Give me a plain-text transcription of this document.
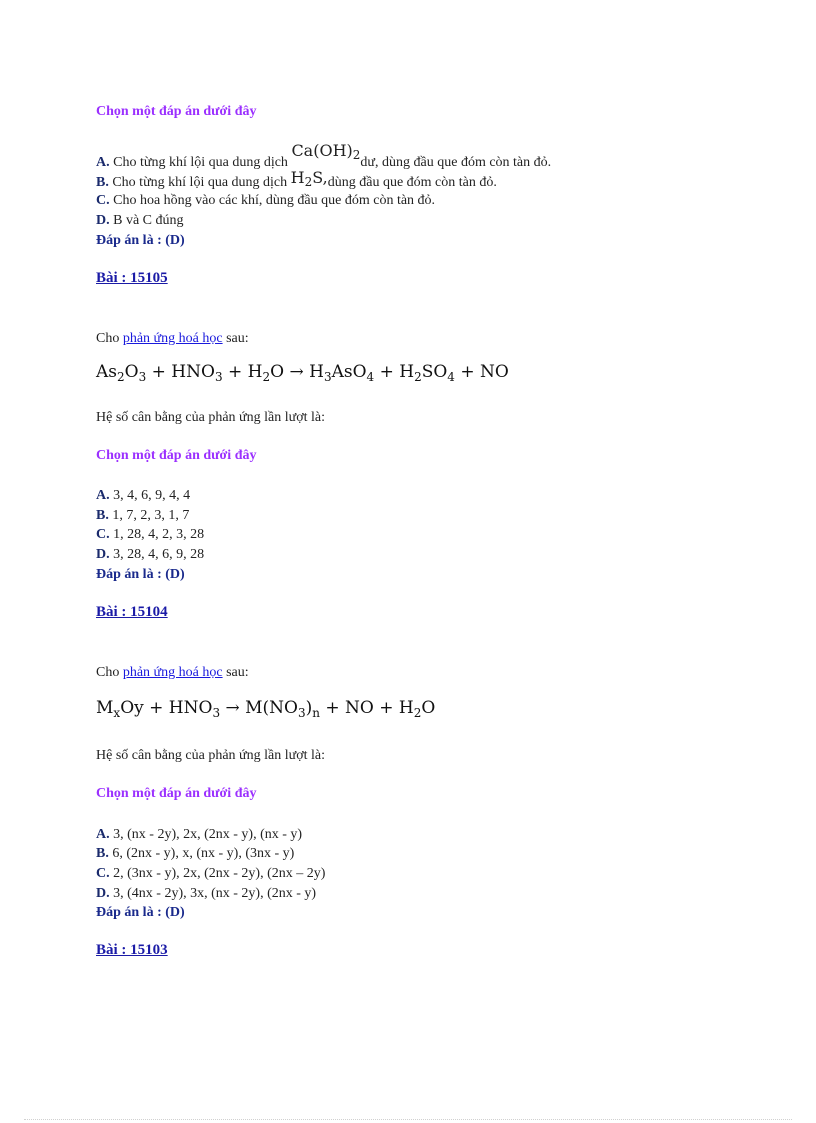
Chọn một đáp án dưới đây
A. Cho từng khí lội qua dung dịch $Ca(OH)_2dư$, dùng đầu que đóm còn tàn đỏ.
B. Cho từng khí lội qua dung dịch $H_2S,dùng$ đầu que đóm còn tàn đỏ.
C. Cho hoa hồng vào các khí, dùng đầu que đóm còn tàn đỏ.
D. B và C đúng
Đáp án là : (D)
Bài : 15105
Cho phản ứng hoá học sau:
$As_2O_3 + HNO_3 + H_2O \to H_3AsO_4 + H_2SO_4$ + NO
Hệ số cân bằng của phản ứng lần lượt là:
Chọn một đáp án dưới đây
A. 3, 4, 6, 9, 4, 4
B. 1, 7, 2, 3, 1, 7
C. 1, 28, 4, 2, 3, 28
D. 3, 28, 4, 6, 9, 28
Đáp án là : (D)
Bài : 15104
Cho phản ứng hoá học sau:
$M_xOy + HNO_3 \to M(NO_3)_n$ + NO + $H_2O$
Hệ số cân bằng của phản ứng lần lượt là:
Chọn một đáp án dưới đây
A. 3, (nx - 2y), 2x, (2nx - y), (nx - y)
B. 6, (2nx - y), x, (nx - y), (3nx - y)
C. 2, (3nx - y), 2x, (2nx - 2y), (2nx – 2y)
D. 3, (4nx - 2y), 3x, (nx - 2y), (2nx - y)
Đáp án là : (D)
Bài : 15103
